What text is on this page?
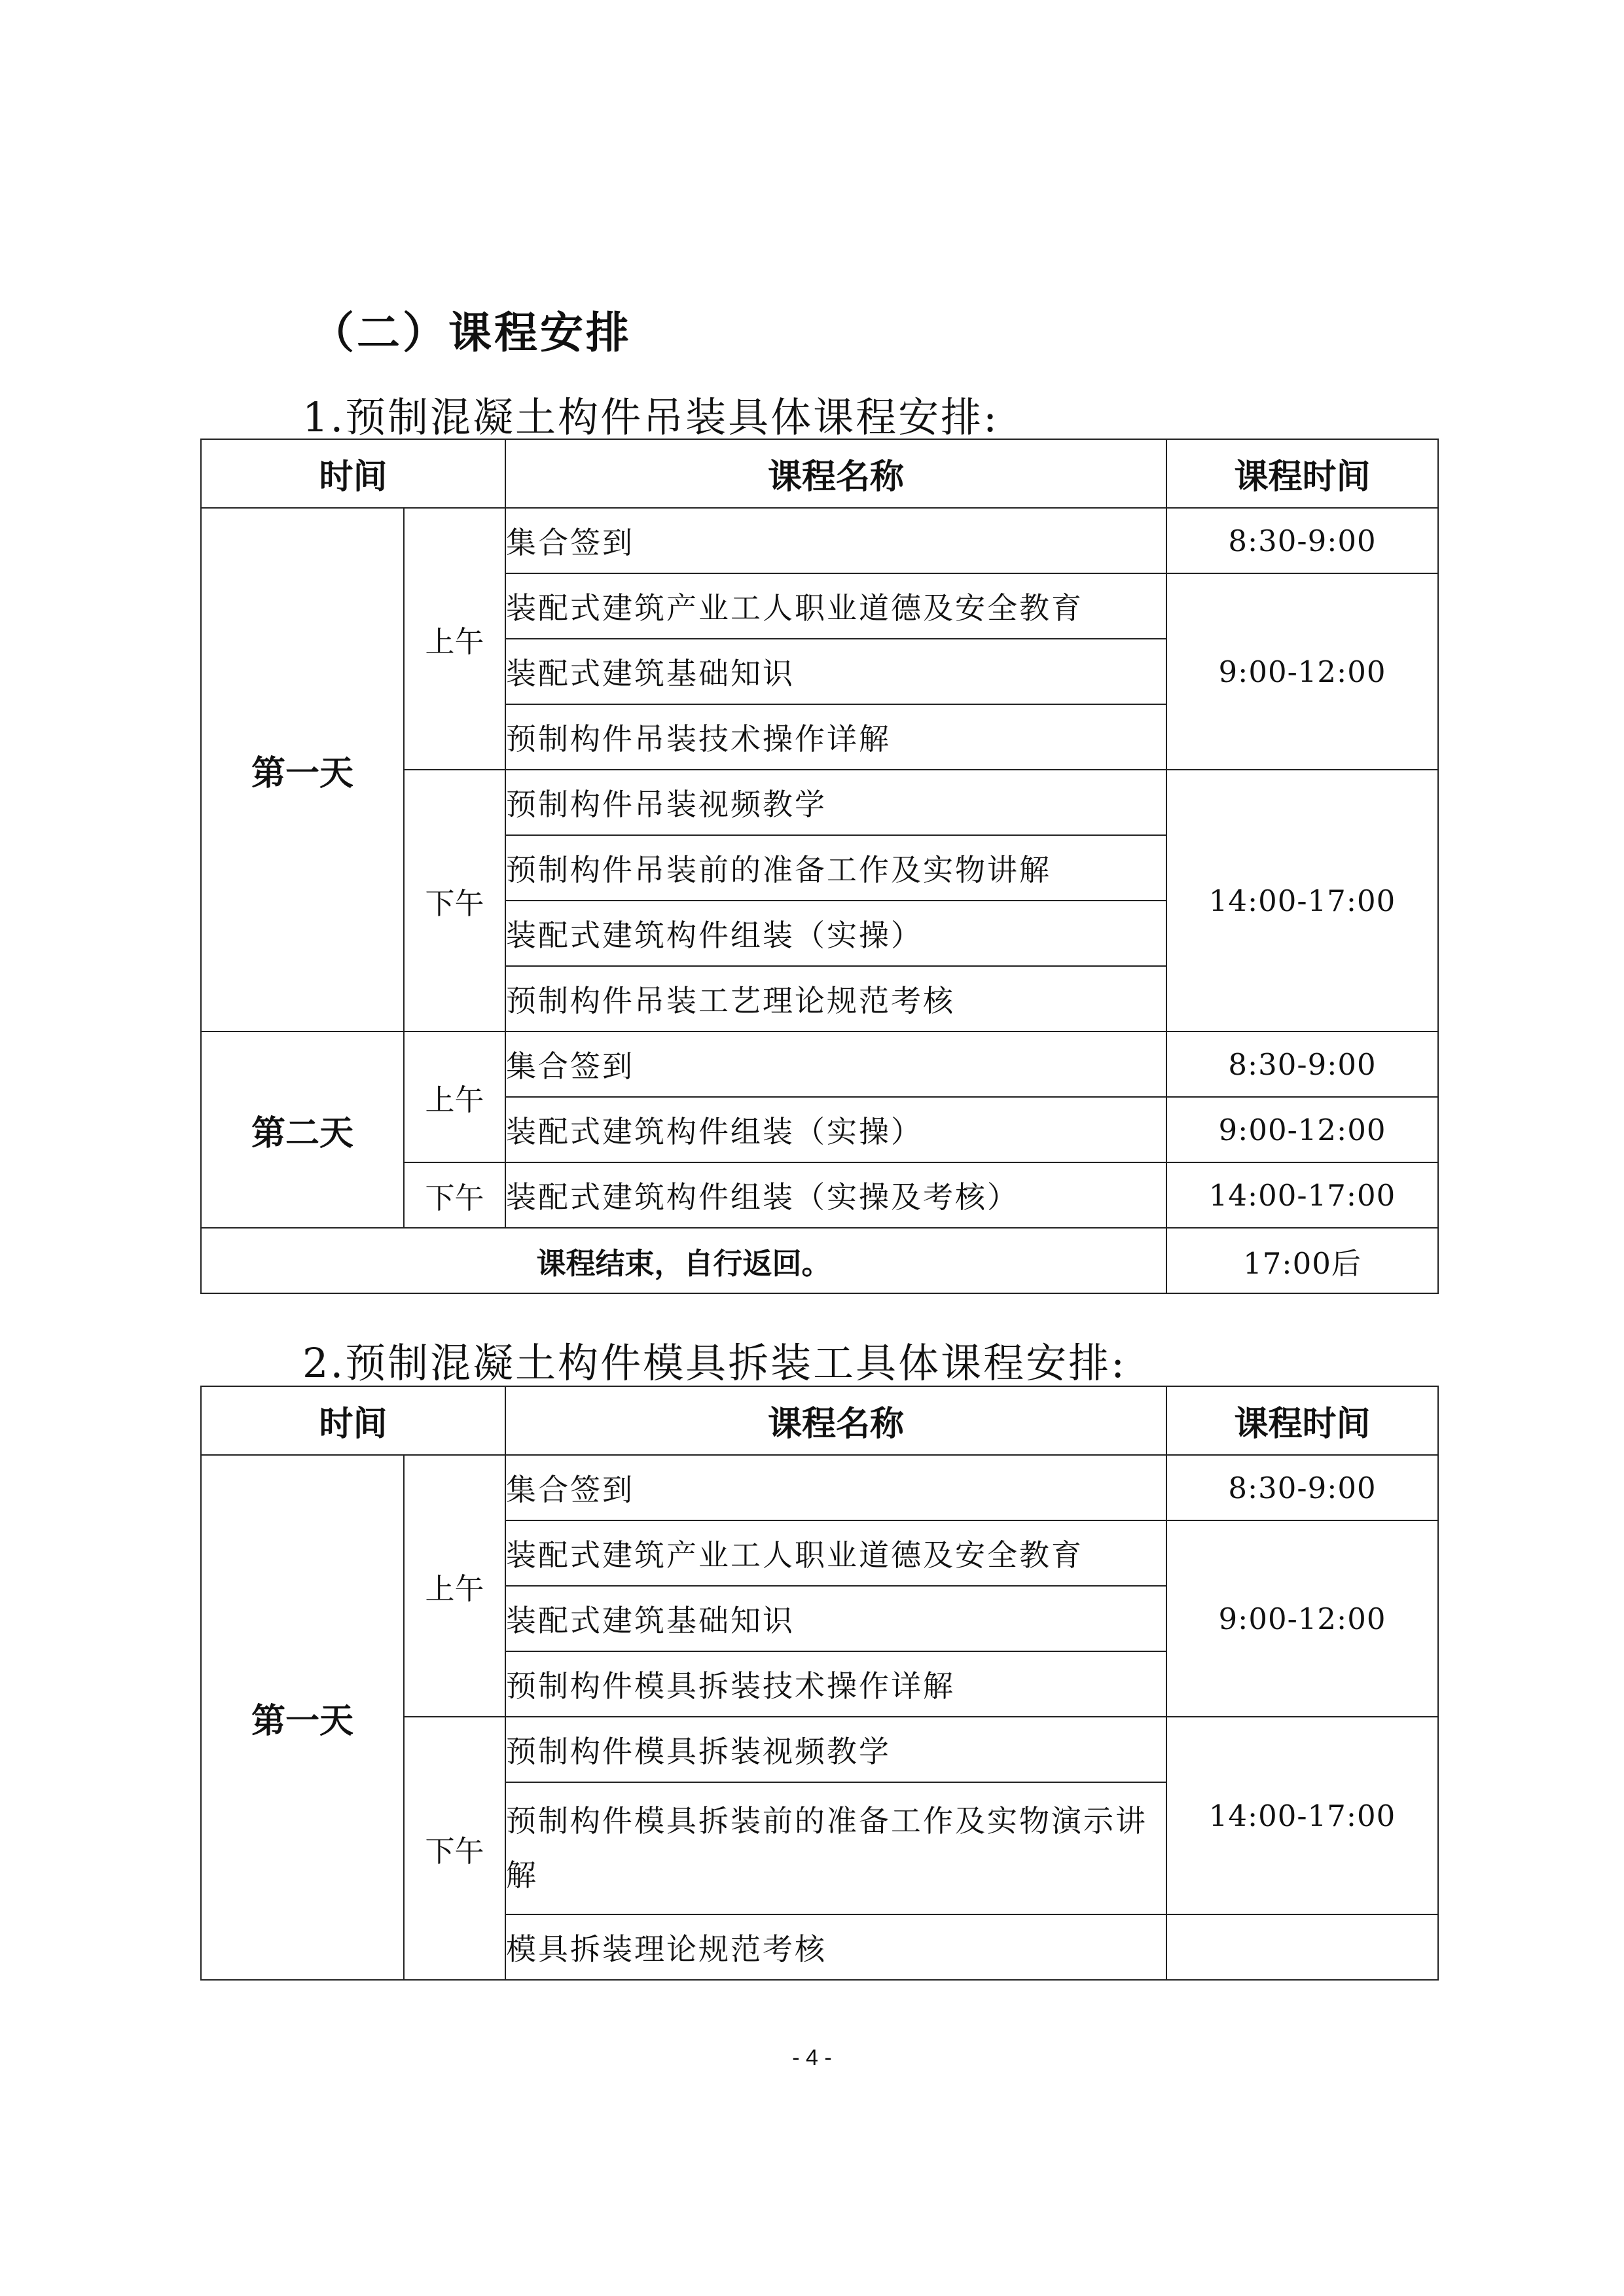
（二）课程安排
1.预制混凝土构件吊装具体课程安排:
时间		课程名称	课程时间
第一天	上午	集合签到	8:30-9:00
		装配式建筑产业工人职业道德及安全教育	9:00-12:00
		装配式建筑基础知识	
		预制构件吊装技术操作详解	
	下午	预制构件吊装视频教学	14:00-17:00
		预制构件吊装前的准备工作及实物讲解	
		装配式建筑构件组装（实操）	
		预制构件吊装工艺理论规范考核	
第二天	上午	集合签到	8:30-9:00
		装配式建筑构件组装（实操）	9:00-12:00
	下午	装配式建筑构件组装（实操及考核）	14:00-17:00
课程结束，自行返回。			17:00后
2.预制混凝土构件模具拆装工具体课程安排:
时间		课程名称	课程时间
第一天	上午	集合签到	8:30-9:00
		装配式建筑产业工人职业道德及安全教育	9:00-12:00
		装配式建筑基础知识	
		预制构件模具拆装技术操作详解	
	下午	预制构件模具拆装视频教学	14:00-17:00
		预制构件模具拆装前的准备工作及实物演示讲解	
		模具拆装理论规范考核	
- 4 -
